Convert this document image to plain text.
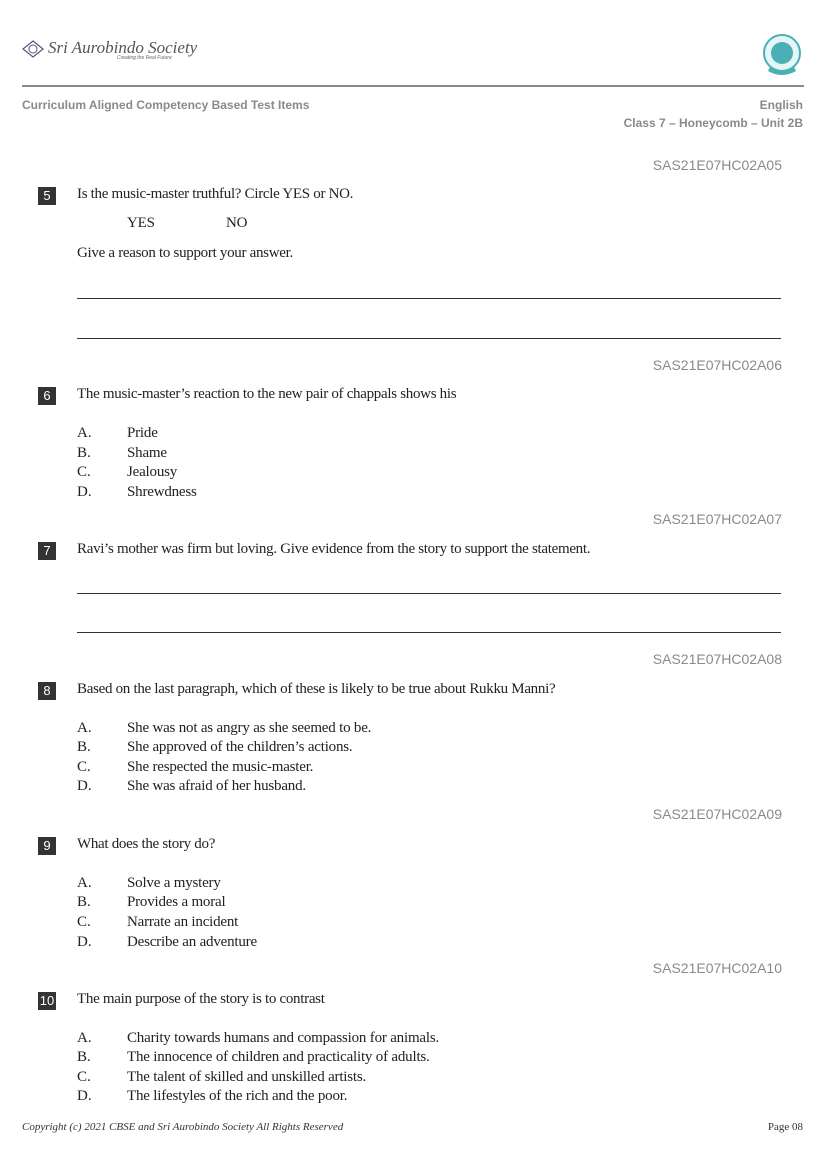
Sri Aurobindo Society
Creating the Real Future
Curriculum Aligned Competency Based Test Items	English
Class 7 – Honeycomb – Unit 2B
SAS21E07HC02A05
5	Is the music-master truthful? Circle YES or NO.
YES	NO
Give a reason to support your answer.
SAS21E07HC02A06
6	The music-master’s reaction to the new pair of chappals shows his
A. Pride
B. Shame
C. Jealousy
D. Shrewdness
SAS21E07HC02A07
7	Ravi’s mother was firm but loving. Give evidence from the story to support the statement.
SAS21E07HC02A08
8	Based on the last paragraph, which of these is likely to be true about Rukku Manni?
A. She was not as angry as she seemed to be.
B. She approved of the children’s actions.
C. She respected the music-master.
D. She was afraid of her husband.
SAS21E07HC02A09
9	What does the story do?
A. Solve a mystery
B. Provides a moral
C. Narrate an incident
D. Describe an adventure
SAS21E07HC02A10
10 The main purpose of the story is to contrast
A. Charity towards humans and compassion for animals.
B. The innocence of children and practicality of adults.
C. The talent of skilled and unskilled artists.
D. The lifestyles of the rich and the poor.
Copyright (c) 2021 CBSE and Sri Aurobindo Society All Rights Reserved	Page 08
